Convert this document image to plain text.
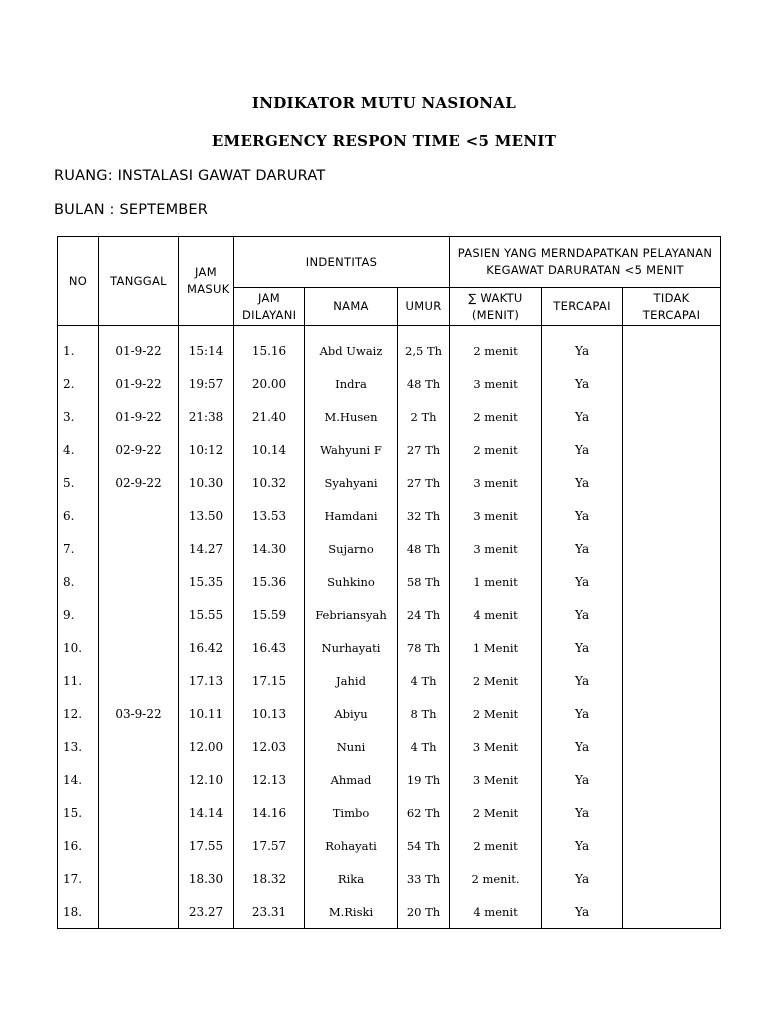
INDIKATOR MUTU NASIONAL
EMERGENCY RESPON TIME <5 MENIT
RUANG: INSTALASI GAWAT DARURAT
BULAN : SEPTEMBER
NO	TANGGAL	JAM MASUK	INDENTITAS			PASIEN YANG MERNDAPATKAN PELAYANAN KEGAWAT DARURATAN <5 MENIT		
			JAM DILAYANI	NAMA	UMUR	∑ WAKTU (MENIT)	TERCAPAI	TIDAK TERCAPAI
1.	01-9-22	15:14	15.16	Abd Uwaiz	2,5 Th	2 menit	Ya	
2.	01-9-22	19:57	20.00	Indra	48 Th	3 menit	Ya	
3.	01-9-22	21:38	21.40	M.Husen	2 Th	2 menit	Ya	
4.	02-9-22	10:12	10.14	Wahyuni F	27 Th	2 menit	Ya	
5.	02-9-22	10.30	10.32	Syahyani	27 Th	3 menit	Ya	
6.		13.50	13.53	Hamdani	32 Th	3 menit	Ya	
7.		14.27	14.30	Sujarno	48 Th	3 menit	Ya	
8.		15.35	15.36	Suhkino	58 Th	1 menit	Ya	
9.		15.55	15.59	Febriansyah	24 Th	4 menit	Ya	
10.		16.42	16.43	Nurhayati	78 Th	1 Menit	Ya	
11.		17.13	17.15	Jahid	4 Th	2 Menit	Ya	
12.	03-9-22	10.11	10.13	Abiyu	8 Th	2 Menit	Ya	
13.		12.00	12.03	Nuni	4 Th	3 Menit	Ya	
14.		12.10	12.13	Ahmad	19 Th	3 Menit	Ya	
15.		14.14	14.16	Timbo	62 Th	2 Menit	Ya	
16.		17.55	17.57	Rohayati	54 Th	2 menit	Ya	
17.		18.30	18.32	Rika	33 Th	2 menit.	Ya	
18.		23.27	23.31	M.Riski	20 Th	4 menit	Ya	
